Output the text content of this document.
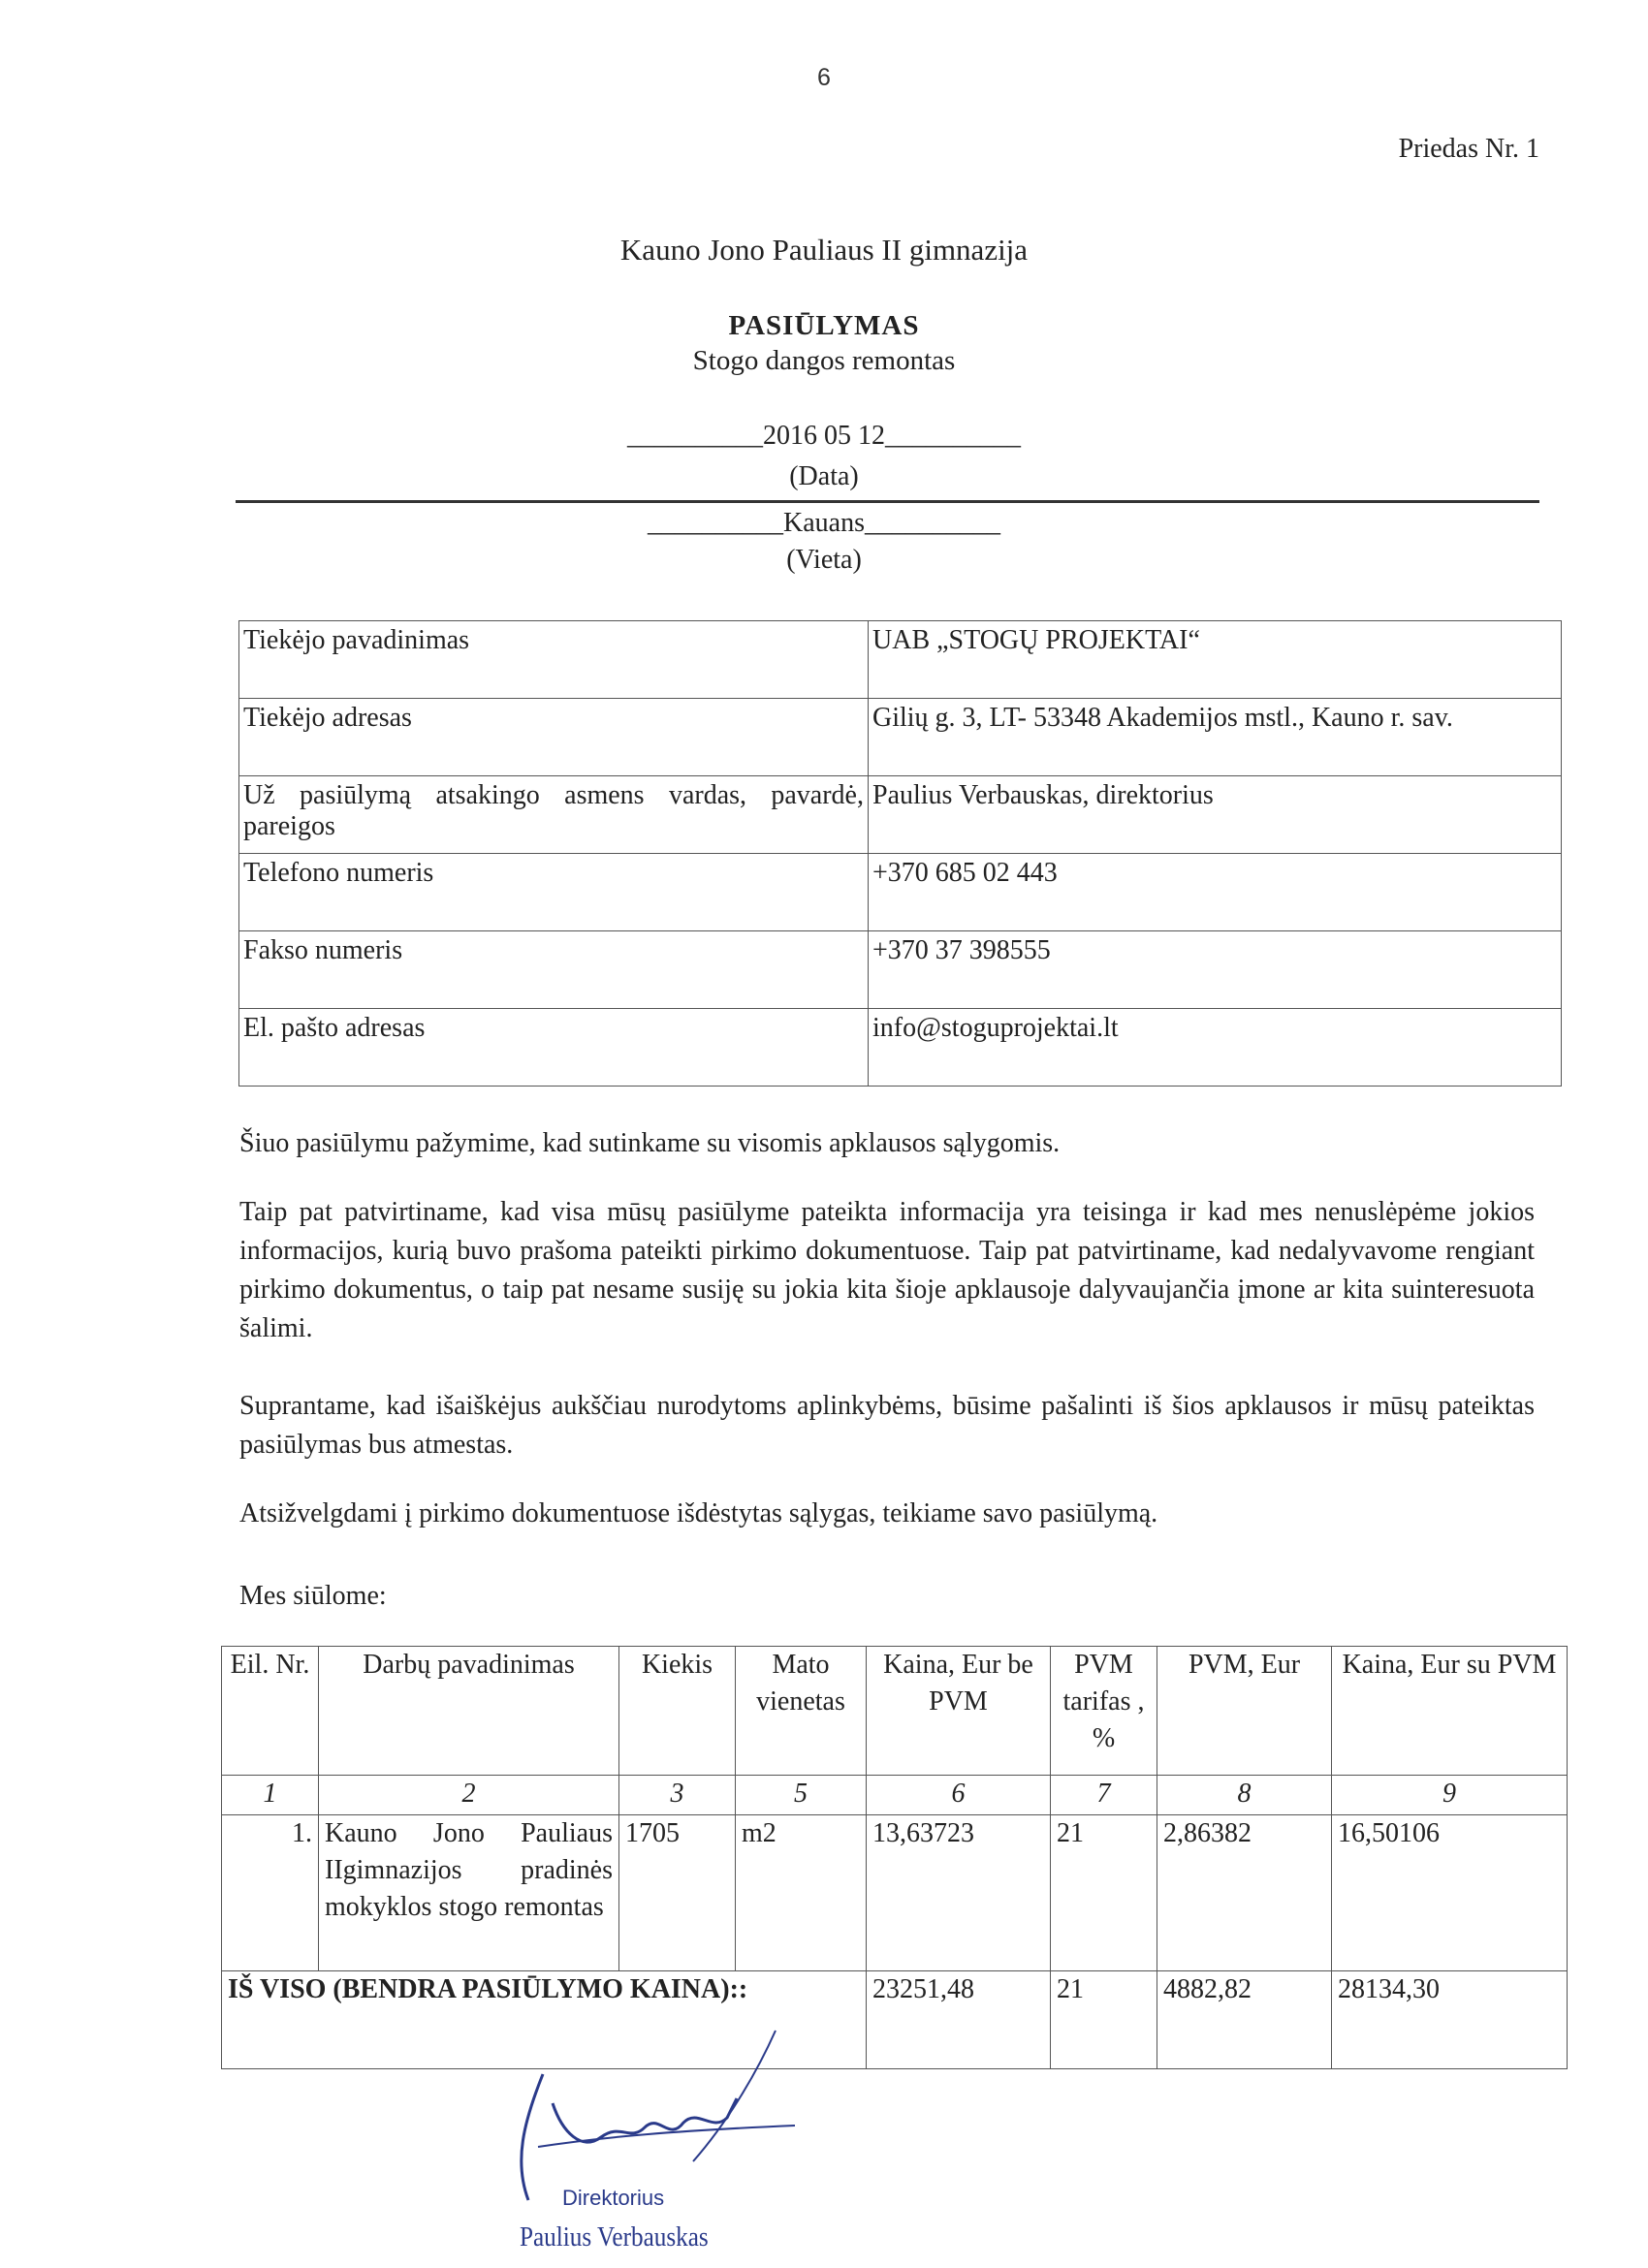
6
Priedas Nr. 1
Kauno Jono Pauliaus II gimnazija
PASIŪLYMAS
Stogo dangos remontas
__________2016 05 12__________
(Data)
__________Kauans__________
(Vieta)
Tiekėjo pavadinimas	UAB „STOGŲ PROJEKTAI“
Tiekėjo adresas	Gilių g. 3, LT- 53348 Akademijos mstl., Kauno r. sav.
Už pasiūlymą atsakingo asmens vardas, pavardė, pareigos	Paulius Verbauskas, direktorius
Telefono numeris	+370 685 02 443
Fakso numeris	+370 37 398555
El. pašto adresas	info@stoguprojektai.lt
Šiuo pasiūlymu pažymime, kad sutinkame su visomis apklausos sąlygomis.
Taip pat patvirtiname, kad visa mūsų pasiūlyme pateikta informacija yra teisinga ir kad mes nenuslėpėme jokios informacijos, kurią buvo prašoma pateikti pirkimo dokumentuose. Taip pat patvirtiname, kad nedalyvavome rengiant pirkimo dokumentus, o taip pat nesame susiję su jokia kita šioje apklausoje dalyvaujančia įmone ar kita suinteresuota šalimi.
Suprantame, kad išaiškėjus aukščiau nurodytoms aplinkybėms, būsime pašalinti iš šios apklausos ir mūsų pateiktas pasiūlymas bus atmestas.
Atsižvelgdami į pirkimo dokumentuose išdėstytas sąlygas, teikiame savo pasiūlymą.
Mes siūlome:
Eil. Nr.	Darbų pavadinimas	Kiekis	Mato vienetas	Kaina, Eur be PVM	PVM tarifas , %	PVM, Eur	Kaina, Eur su PVM
1	2	3	5	6	7	8	9
1.	Kauno Jono Pauliaus IIgimnazijos pradinės mokyklos stogo remontas	1705	m2	13,63723	21	2,86382	16,50106
IŠ VISO (BENDRA PASIŪLYMO KAINA)::				23251,48	21	4882,82	28134,30
Direktorius
Paulius Verbauskas
